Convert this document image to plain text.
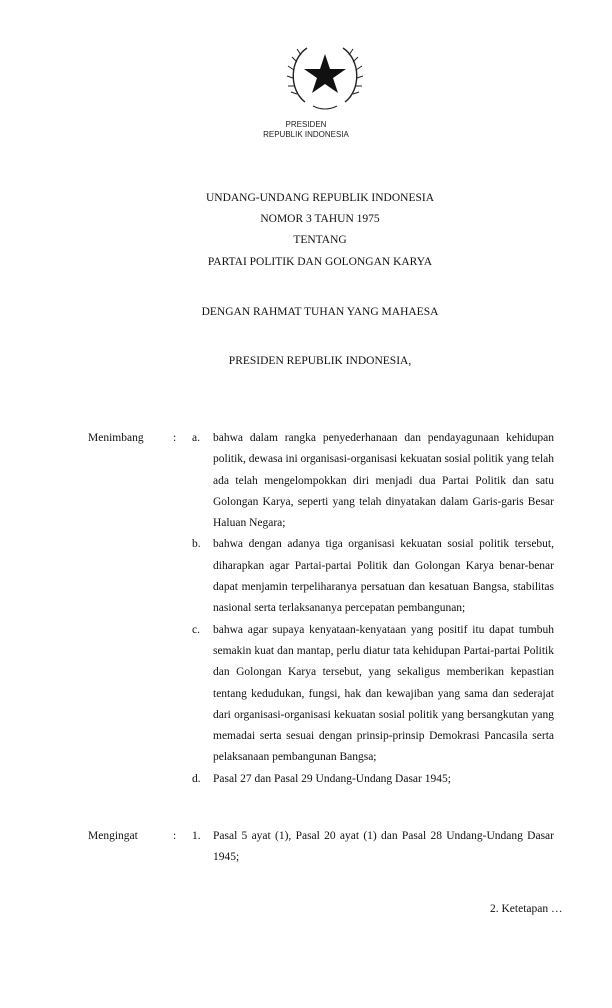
PRESIDEN
REPUBLIK INDONESIA
UNDANG-UNDANG REPUBLIK INDONESIA
NOMOR 3 TAHUN 1975
TENTANG
PARTAI POLITIK DAN GOLONGAN KARYA
DENGAN RAHMAT TUHAN YANG MAHAESA
PRESIDEN REPUBLIK INDONESIA,
Menimbang	: a. bahwa dalam rangka penyederhanaan dan pendayagunaan kehidupan politik, dewasa ini organisasi-organisasi kekuatan sosial politik yang telah ada telah mengelompokkan diri menjadi dua Partai Politik dan satu Golongan Karya, seperti yang telah dinyatakan dalam Garis-garis Besar Haluan Negara;
b. bahwa dengan adanya tiga organisasi kekuatan sosial politik tersebut, diharapkan agar Partai-partai Politik dan Golongan Karya benar-benar dapat menjamin terpeliharanya persatuan dan kesatuan Bangsa, stabilitas nasional serta terlaksananya percepatan pembangunan;
c. bahwa agar supaya kenyataan-kenyataan yang positif itu dapat tumbuh semakin kuat dan mantap, perlu diatur tata kehidupan Partai-partai Politik dan Golongan Karya tersebut, yang sekaligus memberikan kepastian tentang kedudukan, fungsi, hak dan kewajiban yang sama dan sederajat dari organisasi-organisasi kekuatan sosial politik yang bersangkutan yang memadai serta sesuai dengan prinsip-prinsip Demokrasi Pancasila serta pelaksanaan pembangunan Bangsa;
d. Pasal 27 dan Pasal 29 Undang-Undang Dasar 1945;
Mengingat	: 1. Pasal 5 ayat (1), Pasal 20 ayat (1) dan Pasal 28 Undang-Undang Dasar 1945;
2. Ketetapan …
